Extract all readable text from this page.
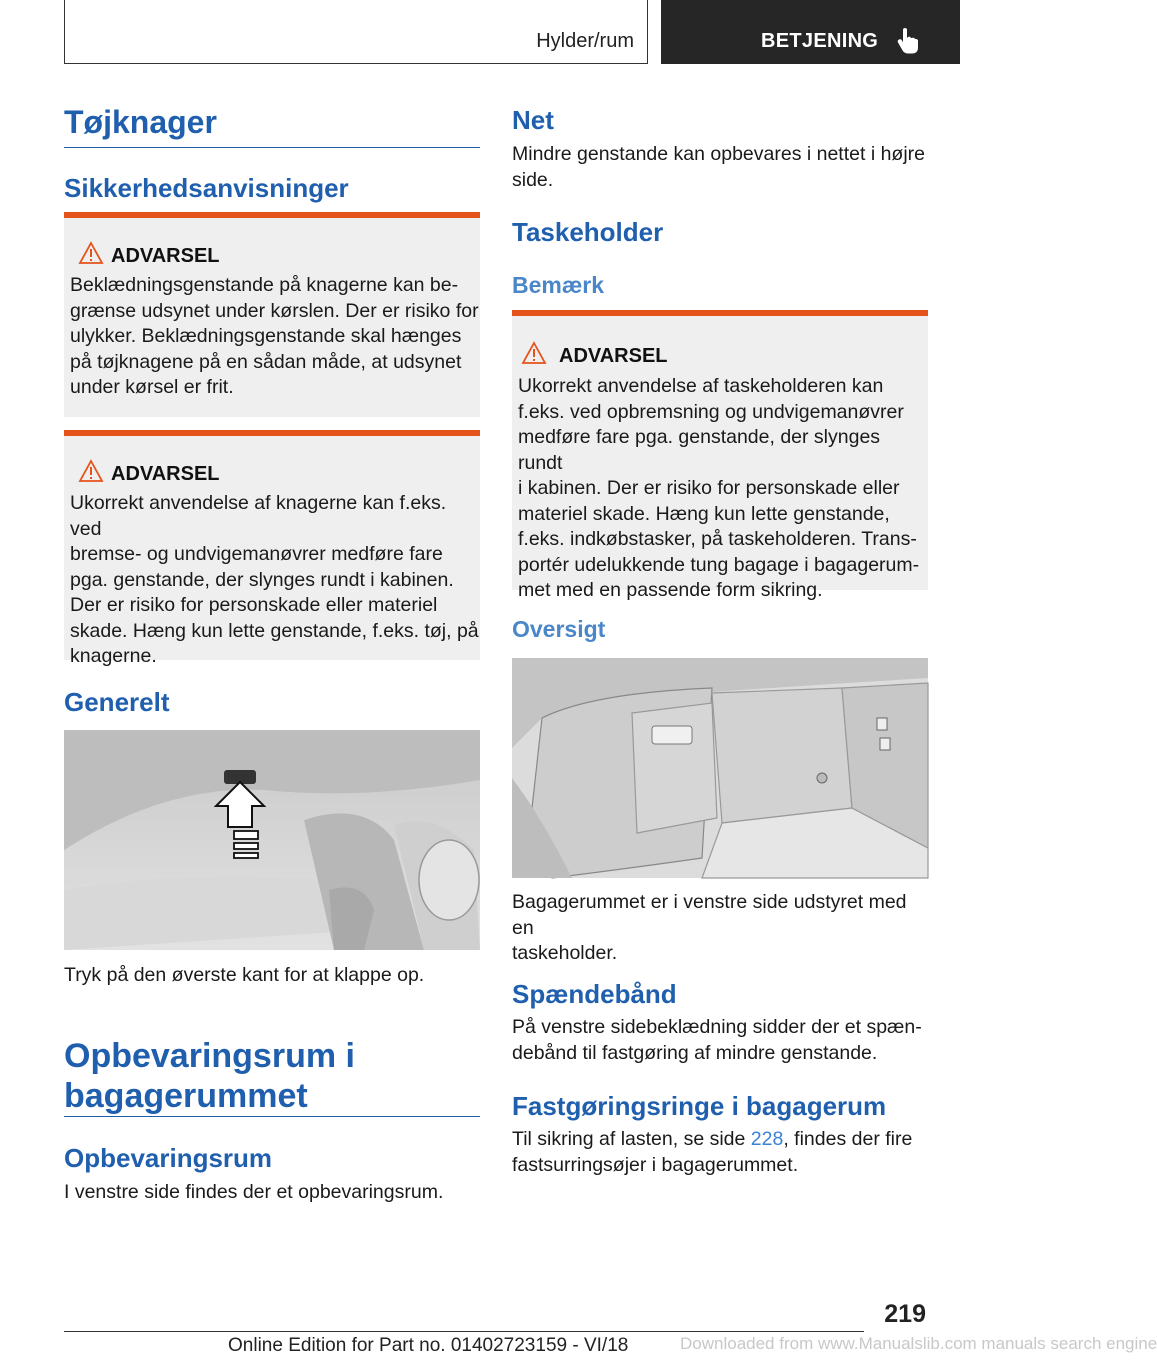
Hylder/rum	BETJENING
Tøjknager
Sikkerhedsanvisninger
ADVARSEL
Beklædningsgenstande på knagerne kan be-
grænse udsynet under kørslen. Der er risiko for
ulykker. Beklædningsgenstande skal hænges
på tøjknagene på en sådan måde, at udsynet
under kørsel er frit.
ADVARSEL
Ukorrekt anvendelse af knagerne kan f.eks. ved
bremse- og undvigemanøvrer medføre fare
pga. genstande, der slynges rundt i kabinen.
Der er risiko for personskade eller materiel
skade. Hæng kun lette genstande, f.eks. tøj, på
knagerne.
Generelt
Tryk på den øverste kant for at klappe op.
Opbevaringsrum i
bagagerummet
Opbevaringsrum
I venstre side findes der et opbevaringsrum.
Net
Mindre genstande kan opbevares i nettet i højre
side.
Taskeholder
Bemærk
ADVARSEL
Ukorrekt anvendelse af taskeholderen kan
f.eks. ved opbremsning og undvigemanøvrer
medføre fare pga. genstande, der slynges rundt
i kabinen. Der er risiko for personskade eller
materiel skade. Hæng kun lette genstande,
f.eks. indkøbstasker, på taskeholderen. Trans-
portér udelukkende tung bagage i bagagerum-
met med en passende form sikring.
Oversigt
Bagagerummet er i venstre side udstyret med en
taskeholder.
Spændebånd
På venstre sidebeklædning sidder der et spæn-
debånd til fastgøring af mindre genstande.
Fastgøringsringe i bagagerum
Til sikring af lasten, se side 228, findes der fire
fastsurringsøjer i bagagerummet.
219
Online Edition for Part no. 01402723159 - VI/18	Downloaded from www.Manualslib.com manuals search engine
